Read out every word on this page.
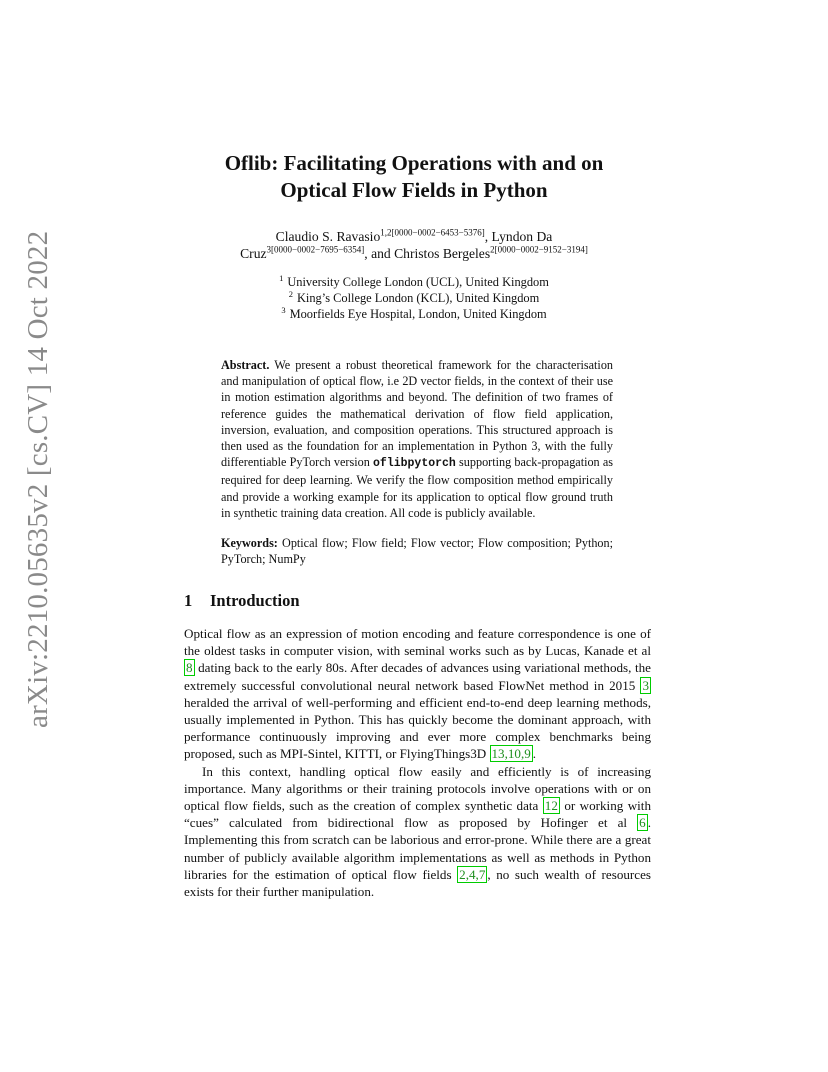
arXiv:2210.05635v2 [cs.CV] 14 Oct 2022
Oflib: Facilitating Operations with and on
Optical Flow Fields in Python
Claudio S. Ravasio$^{1,2[0000-0002-6453-5376]}$, Lyndon Da
Cruz$^{3[0000-0002-7695-6354]}$, and Christos Bergeles$^{2[0000-0002-9152-3194]}$
$^1$ University College London (UCL), United Kingdom
$^2$ King’s College London (KCL), United Kingdom
$^3$ Moorfields Eye Hospital, London, United Kingdom
Abstract. We present a robust theoretical framework for the characterisation and manipulation of optical flow, i.e 2D vector fields, in the context of their use in motion estimation algorithms and beyond. The definition of two frames of reference guides the mathematical derivation of flow field application, inversion, evaluation, and composition operations. This structured approach is then used as the foundation for an implementation in Python 3, with the fully differentiable PyTorch version oflibpytorch supporting back-propagation as required for deep learning. We verify the flow composition method empirically and provide a working example for its application to optical flow ground truth in synthetic training data creation. All code is publicly available.
Keywords: Optical flow; Flow field; Flow vector; Flow composition; Python; PyTorch; NumPy
1 Introduction

Optical flow as an expression of motion encoding and feature correspondence is one of the oldest tasks in computer vision, with seminal works such as by Lucas, Kanade et al 8 dating back to the early 80s. After decades of advances using variational methods, the extremely successful convolutional neural network based FlowNet method in 2015 3 heralded the arrival of well-performing and efficient end-to-end deep learning methods, usually implemented in Python. This has quickly become the dominant approach, with performance continuously improving and ever more complex benchmarks being proposed, such as MPI-Sintel, KITTI, or FlyingThings3D 13,10,9 .

In this context, handling optical flow easily and efficiently is of increasing importance. Many algorithms or their training protocols involve operations with or on optical flow fields, such as the creation of complex synthetic data 12 or working with “cues” calculated from bidirectional flow as proposed by Hofinger et al 6 . Implementing this from scratch can be laborious and error-prone. While there are a great number of publicly available algorithm implementations as well as methods in Python libraries for the estimation of optical flow fields 2,4,7 , no such wealth of resources exists for their further manipulation.
